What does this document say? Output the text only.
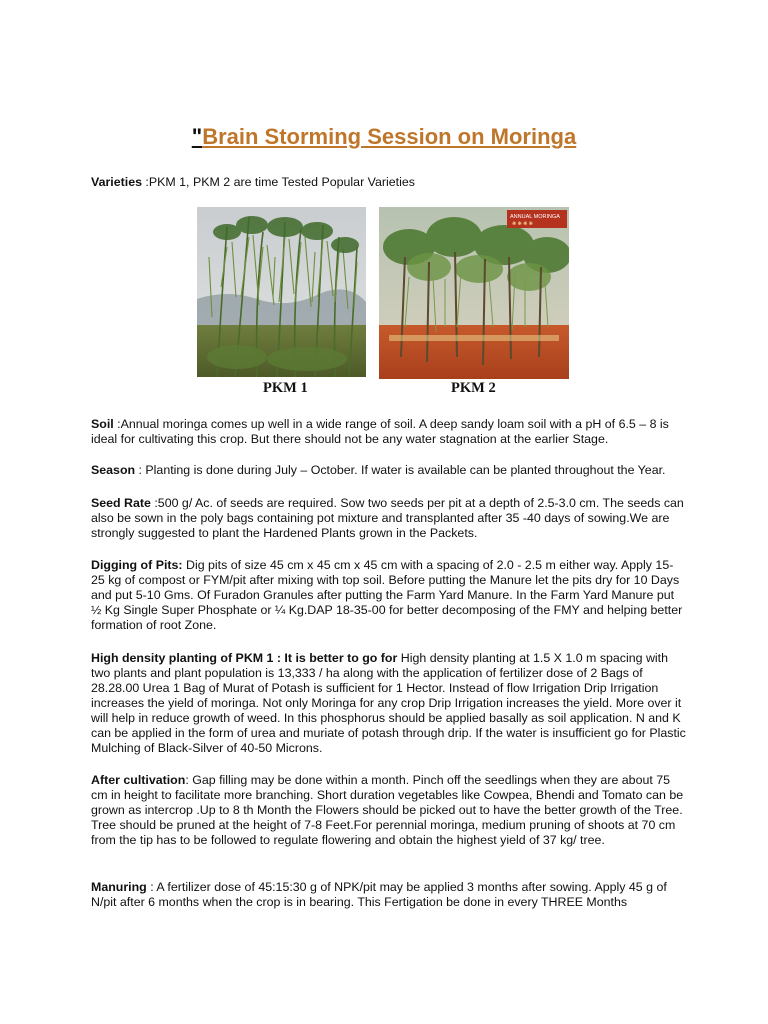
"Brain Storming Session on Moringa

Varieties :PKM 1, PKM 2 are time Tested Popular Varieties

ANNUAL MORINGA
❋ ❋ ❋ ❋
PKM 1	PKM 2

Soil :Annual moringa comes up well in a wide range of soil. A deep sandy loam soil with a pH of 6.5 – 8 is ideal for cultivating this crop. But there should not be any water stagnation at the earlier Stage.

Season : Planting is done during July – October. If water is available can be planted throughout the Year.

Seed Rate :500 g/ Ac. of seeds are required. Sow two seeds per pit at a depth of 2.5-3.0 cm. The seeds can also be sown in the poly bags containing pot mixture and transplanted after 35 -40 days of sowing.We are strongly suggested to plant the Hardened Plants grown in the Packets.

Digging of Pits: Dig pits of size 45 cm x 45 cm x 45 cm with a spacing of 2.0 - 2.5 m either way. Apply 15-25 kg of compost or FYM/pit after mixing with top soil. Before putting the Manure let the pits dry for 10 Days and put 5-10 Gms. Of Furadon Granules after putting the Farm Yard Manure. In the Farm Yard Manure put ½ Kg Single Super Phosphate or ¼ Kg.DAP 18-35-00 for better decomposing of the FMY and helping better formation of root Zone.

High density planting of PKM 1 : It is better to go for High density planting at 1.5 X 1.0 m spacing with two plants and plant population is 13,333 / ha along with the application of fertilizer dose of 2 Bags of 28.28.00 Urea 1 Bag of Murat of Potash is sufficient for 1 Hector. Instead of flow Irrigation Drip Irrigation increases the yield of moringa. Not only Moringa for any crop Drip Irrigation increases the yield. More over it will help in reduce growth of weed. In this phosphorus should be applied basally as soil application. N and K can be applied in the form of urea and muriate of potash through drip. If the water is insufficient go for Plastic Mulching of Black-Silver of 40-50 Microns.

After cultivation: Gap filling may be done within a month. Pinch off the seedlings when they are about 75 cm in height to facilitate more branching. Short duration vegetables like Cowpea, Bhendi and Tomato can be grown as intercrop .Up to 8 th Month the Flowers should be picked out to have the better growth of the Tree. Tree should be pruned at the height of 7-8 Feet.For perennial moringa, medium pruning of shoots at 70 cm from the tip has to be followed to regulate flowering and obtain the highest yield of 37 kg/ tree.

Manuring : A fertilizer dose of 45:15:30 g of NPK/pit may be applied 3 months after sowing. Apply 45 g of N/pit after 6 months when the crop is in bearing. This Fertigation be done in every THREE Months
